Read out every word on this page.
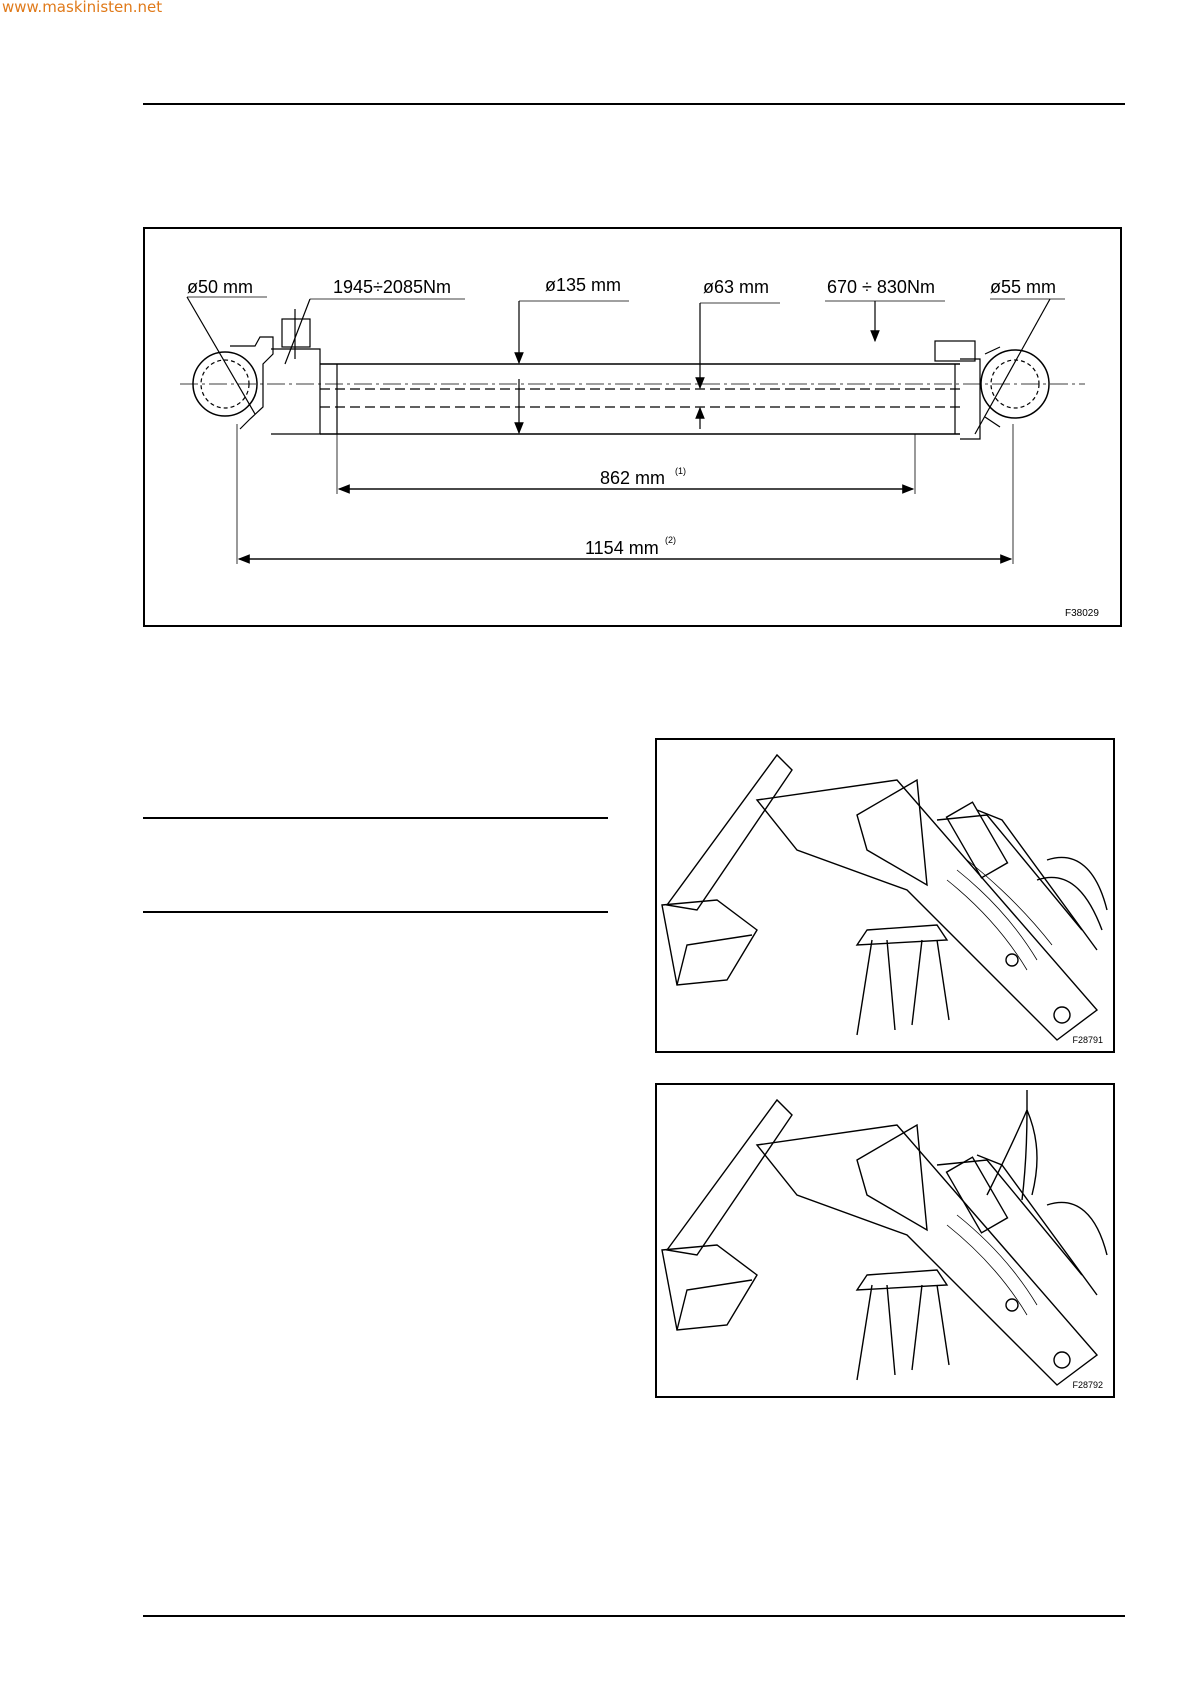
www.maskinisten.net
ø50 mm	1945÷2085Nm	ø135 mm	ø63 mm	670 ÷ 830Nm	ø55 mm
862 mm (1)
1154 mm (2)
F38029
F28791
F28792
